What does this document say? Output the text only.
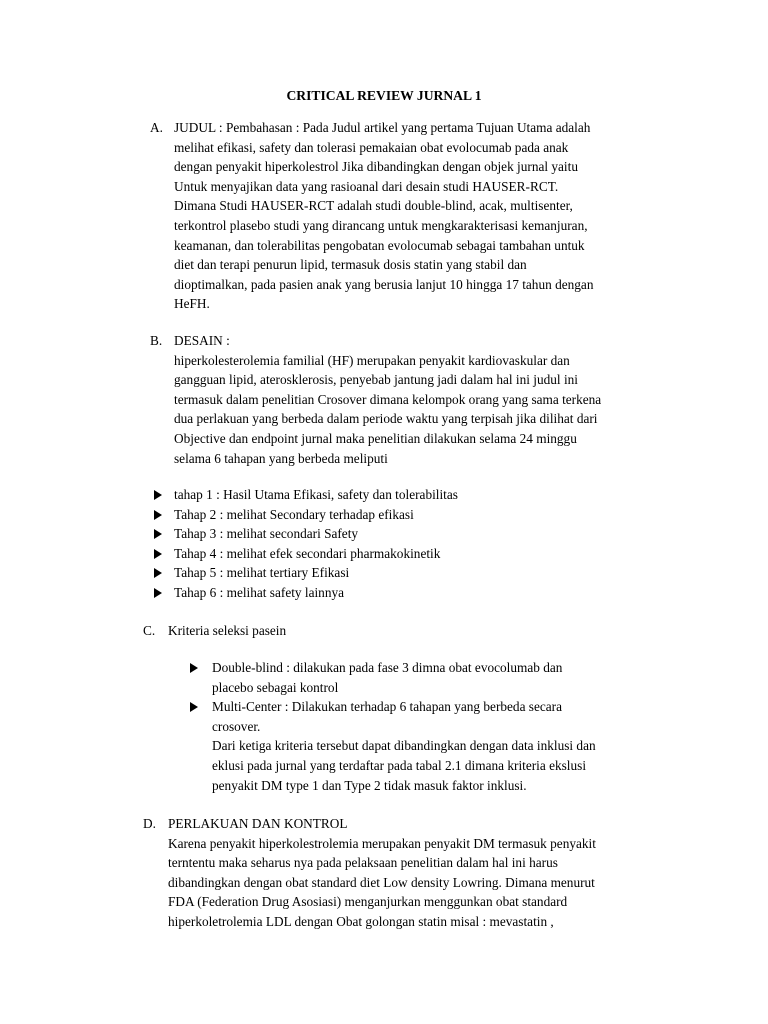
CRITICAL REVIEW JURNAL 1
A. JUDUL : Pembahasan : Pada Judul artikel yang pertama Tujuan Utama adalah
melihat efikasi, safety dan tolerasi pemakaian obat evolocumab pada anak
dengan penyakit hiperkolestrol Jika dibandingkan dengan objek jurnal yaitu
Untuk menyajikan data yang rasioanal dari desain studi HAUSER-RCT.
Dimana Studi HAUSER-RCT adalah studi double-blind, acak, multisenter,
terkontrol plasebo studi yang dirancang untuk mengkarakterisasi kemanjuran,
keamanan, dan tolerabilitas pengobatan evolocumab sebagai tambahan untuk
diet dan terapi penurun lipid, termasuk dosis statin yang stabil dan
dioptimalkan, pada pasien anak yang berusia lanjut 10 hingga 17 tahun dengan
HeFH.
B. DESAIN :
hiperkolesterolemia familial (HF) merupakan penyakit kardiovaskular dan
gangguan lipid, aterosklerosis, penyebab jantung jadi dalam hal ini judul ini
termasuk dalam penelitian Crosover dimana kelompok orang yang sama terkena
dua perlakuan yang berbeda dalam periode waktu yang terpisah jika dilihat dari
Objective dan endpoint jurnal maka penelitian dilakukan selama 24 minggu
selama 6 tahapan yang berbeda meliputi
tahap 1 : Hasil Utama Efikasi, safety dan tolerabilitas
Tahap 2 : melihat Secondary terhadap efikasi
Tahap 3 : melihat secondari Safety
Tahap 4 : melihat efek secondari pharmakokinetik
Tahap 5 : melihat tertiary Efikasi
Tahap 6 : melihat safety lainnya
C. Kriteria seleksi pasein
Double-blind : dilakukan pada fase 3 dimna obat evocolumab dan
placebo sebagai kontrol
Multi-Center : Dilakukan terhadap 6 tahapan yang berbeda secara
crosover.
Dari ketiga kriteria tersebut dapat dibandingkan dengan data inklusi dan
eklusi pada jurnal yang terdaftar pada tabal 2.1 dimana kriteria ekslusi
penyakit DM type 1 dan Type 2 tidak masuk faktor inklusi.
D. PERLAKUAN DAN KONTROL
Karena penyakit hiperkolestrolemia merupakan penyakit DM termasuk penyakit
terntentu maka seharus nya pada pelaksaan penelitian dalam hal ini harus
dibandingkan dengan obat standard diet Low density Lowring. Dimana menurut
FDA (Federation Drug Asosiasi) menganjurkan menggunkan obat standard
hiperkoletrolemia LDL dengan Obat golongan statin misal : mevastatin ,
